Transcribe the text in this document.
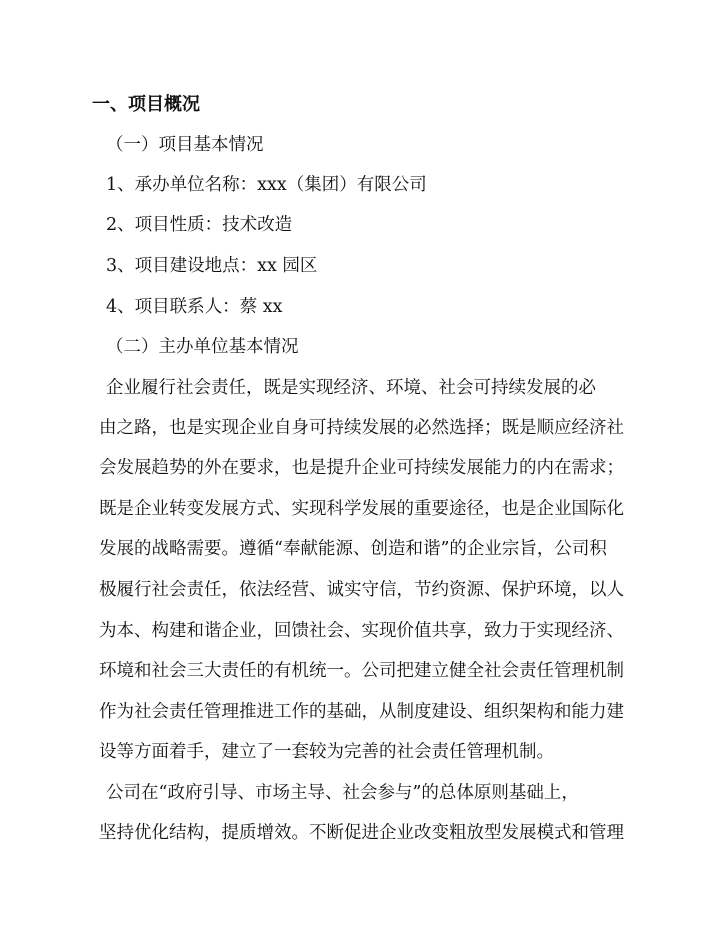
一、项目概况
（一）项目基本情况
1、承办单位名称：xxx（集团）有限公司
2、项目性质：技术改造
3、项目建设地点：xx 园区
4、项目联系人：蔡 xx
（二）主办单位基本情况
企业履行社会责任，既是实现经济、环境、社会可持续发展的必
由之路，也是实现企业自身可持续发展的必然选择；既是顺应经济社
会发展趋势的外在要求，也是提升企业可持续发展能力的内在需求；
既是企业转变发展方式、实现科学发展的重要途径，也是企业国际化
发展的战略需要。遵循“奉献能源、创造和谐”的企业宗旨，公司积
极履行社会责任，依法经营、诚实守信，节约资源、保护环境，以人
为本、构建和谐企业，回馈社会、实现价值共享，致力于实现经济、
环境和社会三大责任的有机统一。公司把建立健全社会责任管理机制
作为社会责任管理推进工作的基础，从制度建设、组织架构和能力建
设等方面着手，建立了一套较为完善的社会责任管理机制。
公司在“政府引导、市场主导、社会参与”的总体原则基础上，
坚持优化结构，提质增效。不断促进企业改变粗放型发展模式和管理
